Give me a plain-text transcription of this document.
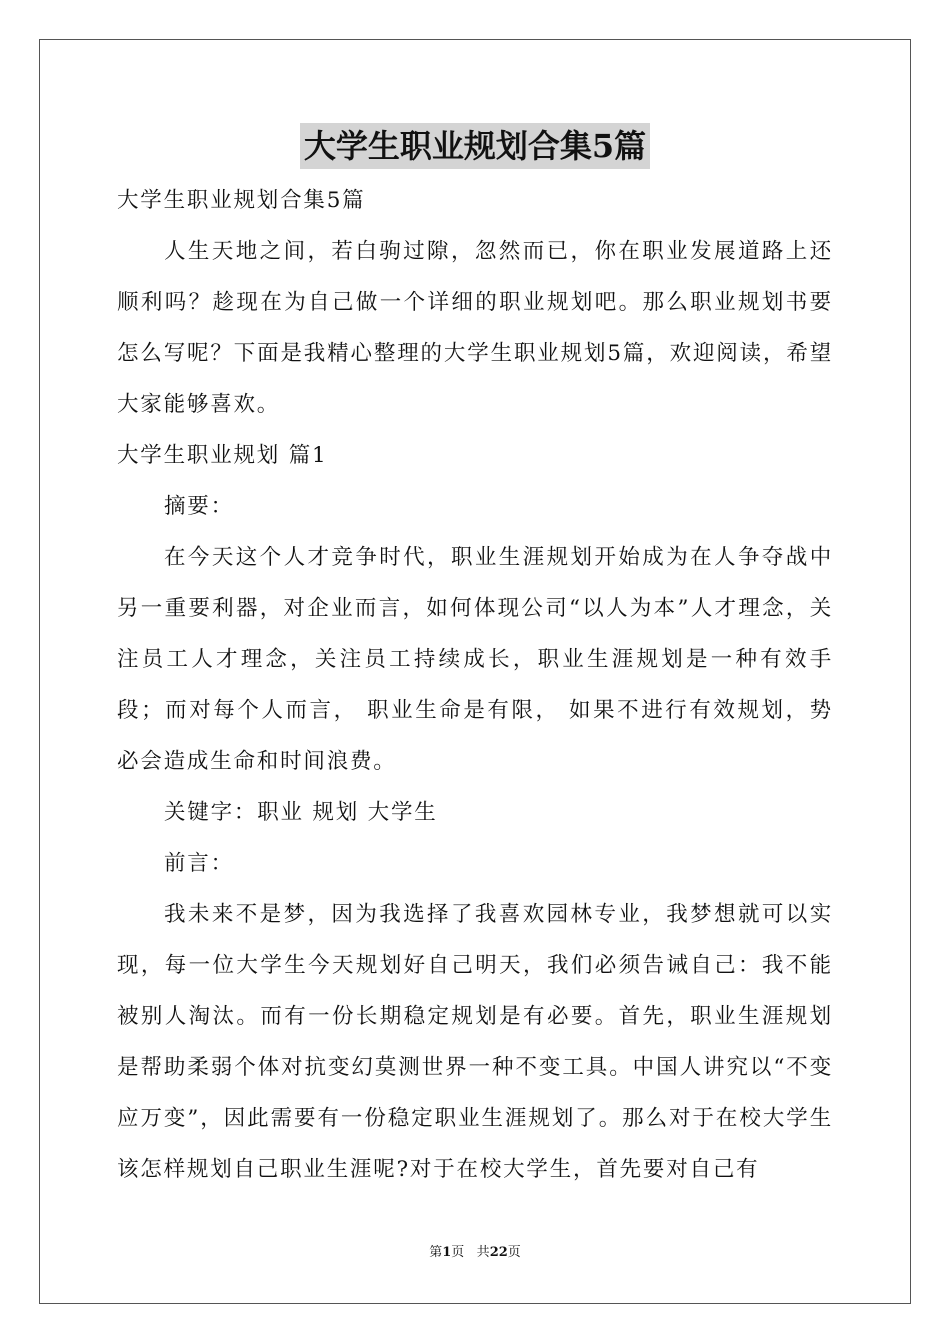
大学生职业规划合集5篇

大学生职业规划合集5篇

人生天地之间，若白驹过隙，忽然而已，你在职业发展道路上还顺利吗？趁现在为自己做一个详细的职业规划吧。那么职业规划书要怎么写呢？下面是我精心整理的大学生职业规划5篇，欢迎阅读，希望大家能够喜欢。

大学生职业规划 篇1

摘要：

在今天这个人才竞争时代，职业生涯规划开始成为在人争夺战中另一重要利器，对企业而言，如何体现公司“以人为本”人才理念，关注员工人才理念，关注员工持续成长，职业生涯规划是一种有效手段；而对每个人而言， 职业生命是有限， 如果不进行有效规划，势必会造成生命和时间浪费。

关键字：职业 规划 大学生

前言：

我未来不是梦，因为我选择了我喜欢园林专业，我梦想就可以实现，每一位大学生今天规划好自己明天，我们必须告诫自己：我不能被别人淘汰。而有一份长期稳定规划是有必要。首先，职业生涯规划是帮助柔弱个体对抗变幻莫测世界一种不变工具。中国人讲究以“不变应万变”，因此需要有一份稳定职业生涯规划了。那么对于在校大学生该怎样规划自己职业生涯呢?对于在校大学生，首先要对自己有

第1页 共22页
